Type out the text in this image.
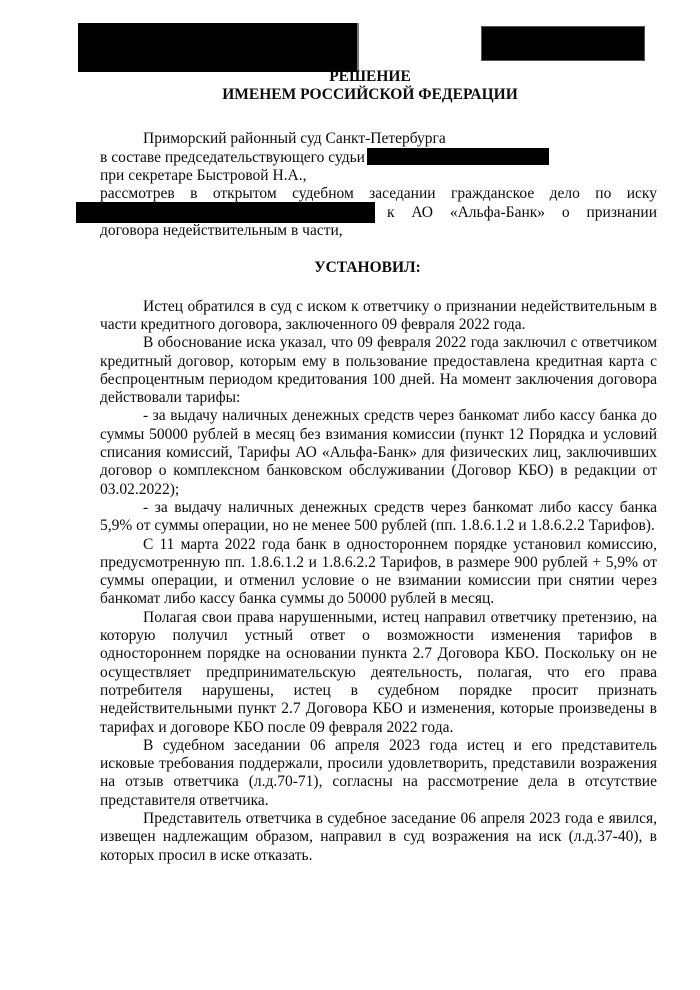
РЕШЕНИЕ
ИМЕНЕМ РОССИЙСКОЙ ФЕДЕРАЦИИ
Приморский районный суд Санкт-Петербурга
в составе председательствующего судьи
при секретаре Быстровой Н.А.,
рассмотрев в открытом судебном заседании гражданское дело по иску
к АО «Альфа-Банк» о признании
договора недействительным в части,
УСТАНОВИЛ:

Истец обратился в суд с иском к ответчику о признании недействительным в части кредитного договора, заключенного 09 февраля 2022 года.

В обоснование иска указал, что 09 февраля 2022 года заключил с ответчиком кредитный договор, которым ему в пользование предоставлена кредитная карта с беспроцентным периодом кредитования 100 дней. На момент заключения договора действовали тарифы:

- за выдачу наличных денежных средств через банкомат либо кассу банка до суммы 50000 рублей в месяц без взимания комиссии (пункт 12 Порядка и условий списания комиссий, Тарифы АО «Альфа-Банк» для физических лиц, заключивших договор о комплексном банковском обслуживании (Договор КБО) в редакции от 03.02.2022);

- за выдачу наличных денежных средств через банкомат либо кассу банка 5,9% от суммы операции, но не менее 500 рублей (пп. 1.8.6.1.2 и 1.8.6.2.2 Тарифов).

С 11 марта 2022 года банк в одностороннем порядке установил комиссию, предусмотренную пп. 1.8.6.1.2 и 1.8.6.2.2 Тарифов, в размере 900 рублей + 5,9% от суммы операции, и отменил условие о не взимании комиссии при снятии через банкомат либо кассу банка суммы до 50000 рублей в месяц.

Полагая свои права нарушенными, истец направил ответчику претензию, на которую получил устный ответ о возможности изменения тарифов в одностороннем порядке на основании пункта 2.7 Договора КБО. Поскольку он не осуществляет предпринимательскую деятельность, полагая, что его права потребителя нарушены, истец в судебном порядке просит признать недействительными пункт 2.7 Договора КБО и изменения, которые произведены в тарифах и договоре КБО после 09 февраля 2022 года.

В судебном заседании 06 апреля 2023 года истец и его представитель исковые требования поддержали, просили удовлетворить, представили возражения на отзыв ответчика (л.д.70-71), согласны на рассмотрение дела в отсутствие представителя ответчика.

Представитель ответчика в судебное заседание 06 апреля 2023 года е явился, извещен надлежащим образом, направил в суд возражения на иск (л.д.37-40), в которых просил в иске отказать.
